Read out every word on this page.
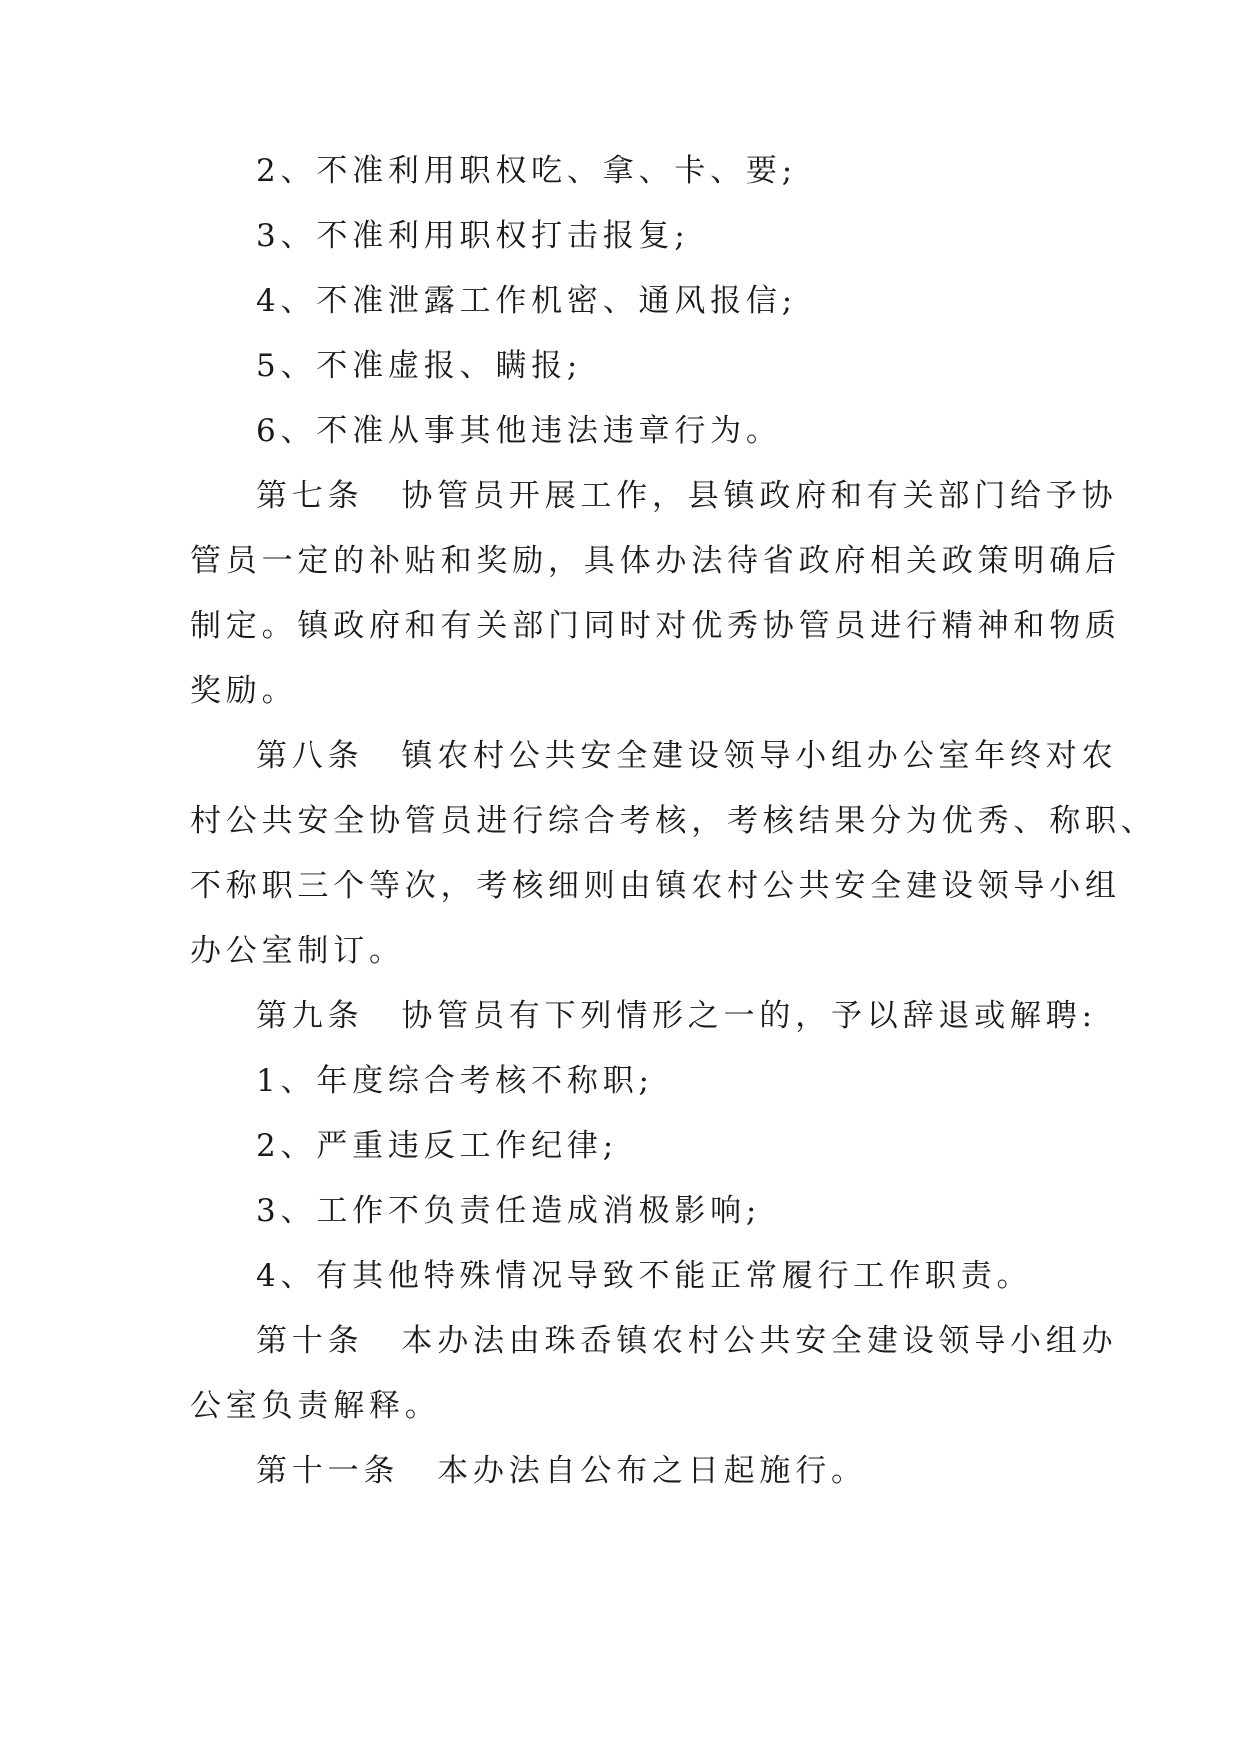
2、不准利用职权吃、拿、卡、要;
3、不准利用职权打击报复;
4、不准泄露工作机密、通风报信;
5、不准虚报、瞒报;
6、不准从事其他违法违章行为。
第七条 协管员开展工作，县镇政府和有关部门给予协
管员一定的补贴和奖励，具体办法待省政府相关政策明确后
制定。镇政府和有关部门同时对优秀协管员进行精神和物质
奖励。
第八条 镇农村公共安全建设领导小组办公室年终对农
村公共安全协管员进行综合考核，考核结果分为优秀、称职、
不称职三个等次，考核细则由镇农村公共安全建设领导小组
办公室制订。
第九条 协管员有下列情形之一的，予以辞退或解聘:
1、年度综合考核不称职;
2、严重违反工作纪律;
3、工作不负责任造成消极影响;
4、有其他特殊情况导致不能正常履行工作职责。
第十条 本办法由珠岙镇农村公共安全建设领导小组办
公室负责解释。
第十一条 本办法自公布之日起施行。
